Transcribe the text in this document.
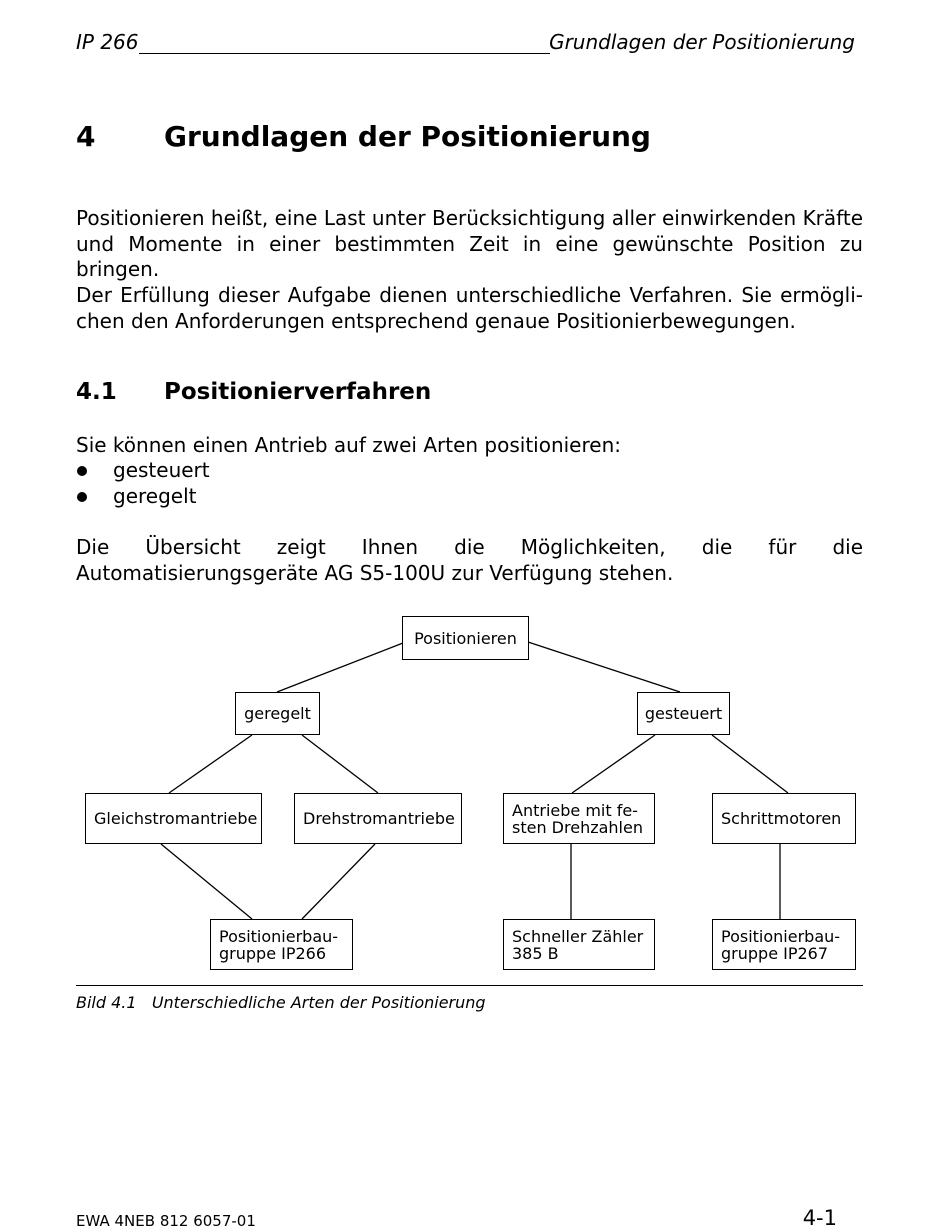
IP 266	Grundlagen der Positionierung
4 Grundlagen der Positionierung

Positionieren heißt, eine Last unter Berücksichtigung aller einwirkenden Kräfte und Momente in einer bestimmten Zeit in eine gewünschte Position zu bringen.

Der Erfüllung dieser Aufgabe dienen unterschiedliche Verfahren. Sie ermögli-chen den Anforderungen entsprechend genaue Positionierbewegungen.

4.1 Positionierverfahren

Sie können einen Antrieb auf zwei Arten positionieren:

gesteuert
geregelt

Die Übersicht zeigt Ihnen die Möglichkeiten, die für die Automatisierungsgeräte AG S5-100U zur Verfügung stehen.

Positionieren
geregelt	gesteuert
Gleichstromantriebe	Drehstromantriebe	Antriebe mit fe-
sten Drehzahlen	Schrittmotoren
Positionierbau-
gruppe IP266
Schneller Zähler
385 B
Positionierbau-
gruppe IP267
Bild 4.1 Unterschiedliche Arten der Positionierung
EWA 4NEB 812 6057-01	4-1
